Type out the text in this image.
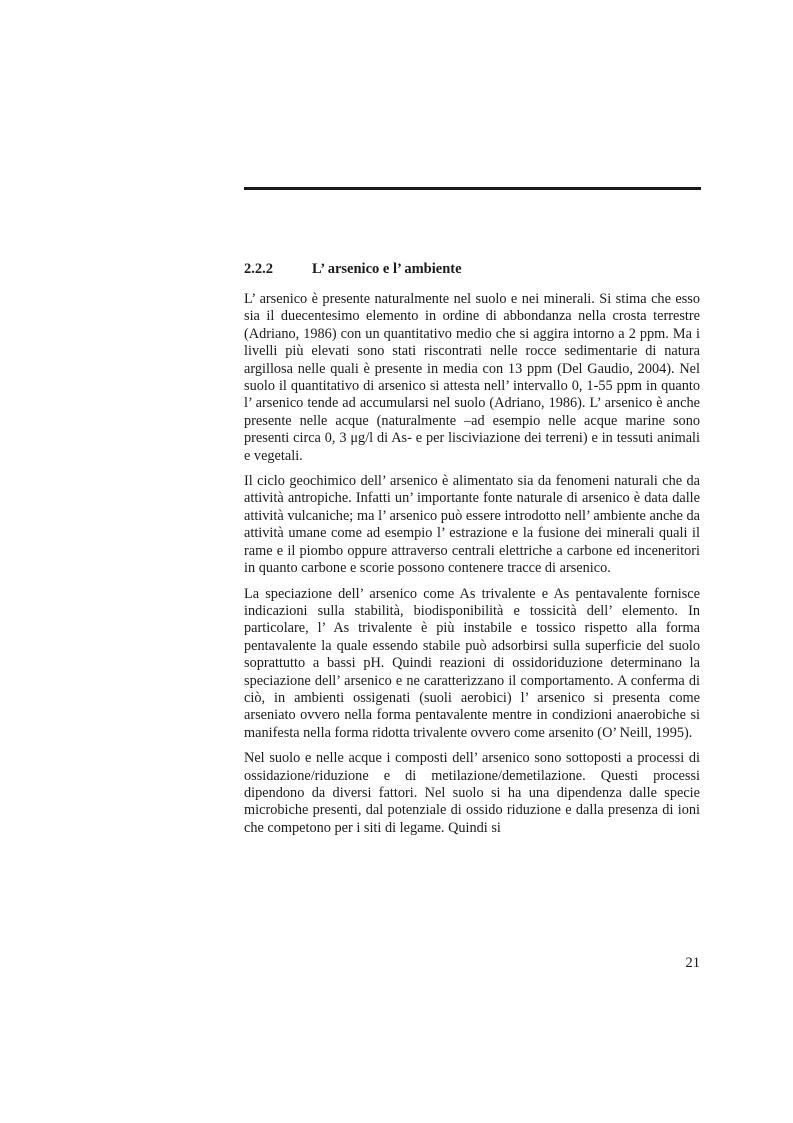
2.2.2	L’ arsenico e l’ ambiente

L’ arsenico è presente naturalmente nel suolo e nei minerali. Si stima che esso sia il duecentesimo elemento in ordine di abbondanza nella crosta terrestre (Adriano, 1986) con un quantitativo medio che si aggira intorno a 2 ppm. Ma i livelli più elevati sono stati riscontrati nelle rocce sedimentarie di natura argillosa nelle quali è presente in media con 13 ppm (Del Gaudio, 2004). Nel suolo il quantitativo di arsenico si attesta nell’ intervallo 0, 1-55 ppm in quanto l’ arsenico tende ad accumularsi nel suolo (Adriano, 1986). L’ arsenico è anche presente nelle acque (naturalmente –ad esempio nelle acque marine sono presenti circa 0, 3 μg/l di As- e per lisciviazione dei terreni) e in tessuti animali e vegetali.

Il ciclo geochimico dell’ arsenico è alimentato sia da fenomeni naturali che da attività antropiche. Infatti un’ importante fonte naturale di arsenico è data dalle attività vulcaniche; ma l’ arsenico può essere introdotto nell’ ambiente anche da attività umane come ad esempio l’ estrazione e la fusione dei minerali quali il rame e il piombo oppure attraverso centrali elettriche a carbone ed inceneritori in quanto carbone e scorie possono contenere tracce di arsenico.

La speciazione dell’ arsenico come As trivalente e As pentavalente fornisce indicazioni sulla stabilità, biodisponibilità e tossicità dell’ elemento. In particolare, l’ As trivalente è più instabile e tossico rispetto alla forma pentavalente la quale essendo stabile può adsorbirsi sulla superficie del suolo soprattutto a bassi pH. Quindi reazioni di ossidoriduzione determinano la speciazione dell’ arsenico e ne caratterizzano il comportamento. A conferma di ciò, in ambienti ossigenati (suoli aerobici) l’ arsenico si presenta come arseniato ovvero nella forma pentavalente mentre in condizioni anaerobiche si manifesta nella forma ridotta trivalente ovvero come arsenito (O’ Neill, 1995).

Nel suolo e nelle acque i composti dell’ arsenico sono sottoposti a processi di ossidazione/riduzione e di metilazione/demetilazione. Questi processi dipendono da diversi fattori. Nel suolo si ha una dipendenza dalle specie microbiche presenti, dal potenziale di ossido riduzione e dalla presenza di ioni che competono per i siti di legame. Quindi si

21
